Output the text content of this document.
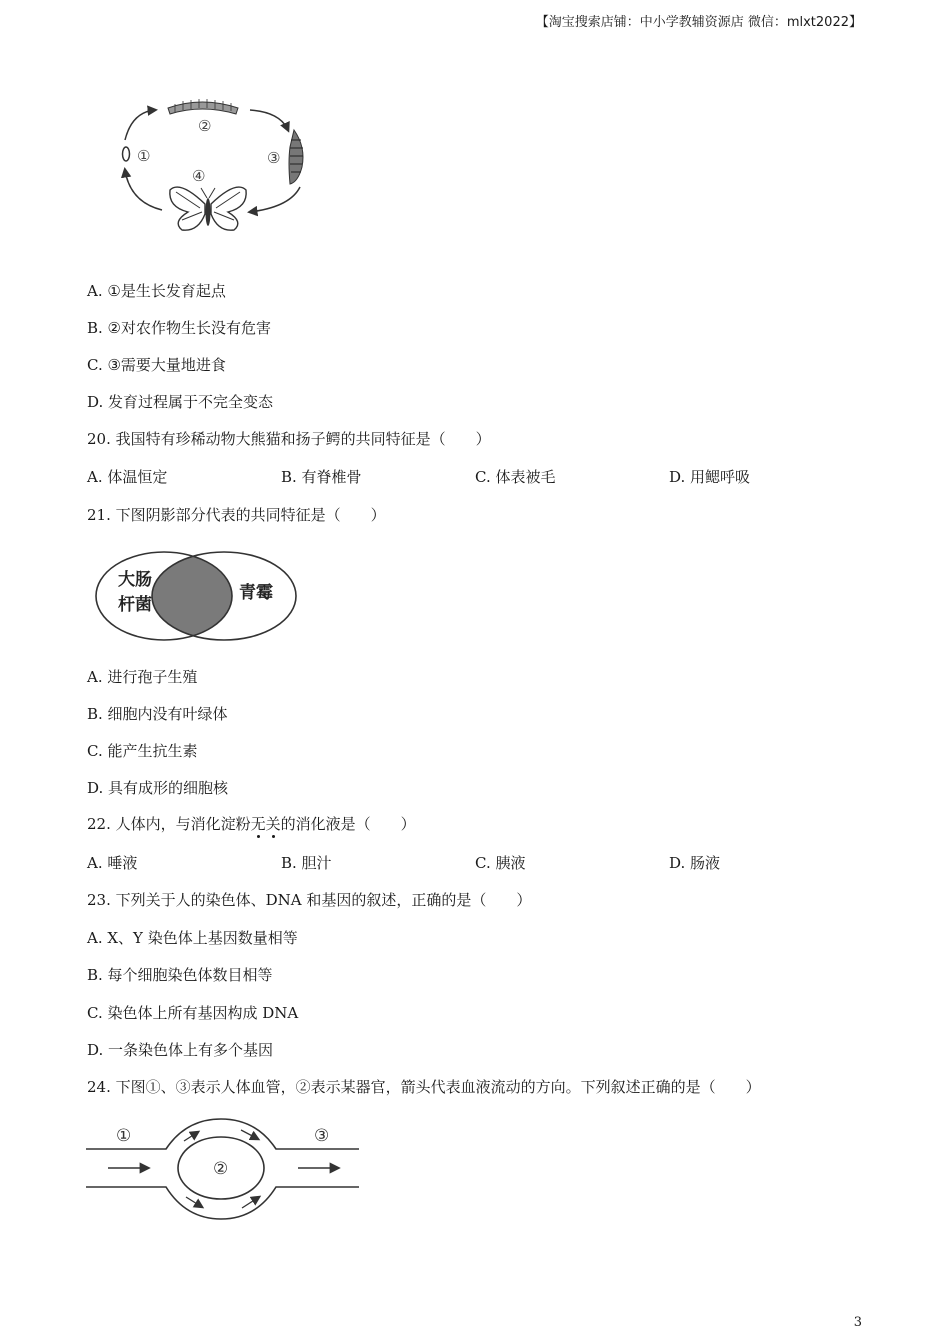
【淘宝搜索店铺：中小学教辅资源店 微信：mlxt2022】
①
②
③
④
A. ①是生长发育起点
B. ②对农作物生长没有危害
C. ③需要大量地进食
D. 发育过程属于不完全变态
20. 我国特有珍稀动物大熊猫和扬子鳄的共同特征是（　　）
A. 体温恒定	B. 有脊椎骨	C. 体表被毛	D. 用鳃呼吸
21. 下图阴影部分代表的共同特征是（　　）
大肠
杆菌
青霉
A. 进行孢子生殖
B. 细胞内没有叶绿体
C. 能产生抗生素
D. 具有成形的细胞核
22. 人体内，与消化淀粉无关的消化液是（　　）
A. 唾液	B. 胆汁	C. 胰液	D. 肠液
23. 下列关于人的染色体、DNA 和基因的叙述，正确的是（　　）
A. X、Y 染色体上基因数量相等
B. 每个细胞染色体数目相等
C. 染色体上所有基因构成 DNA
D. 一条染色体上有多个基因
24. 下图①、③表示人体血管，②表示某器官，箭头代表血液流动的方向。下列叙述正确的是（　　）
①
②
③
3
